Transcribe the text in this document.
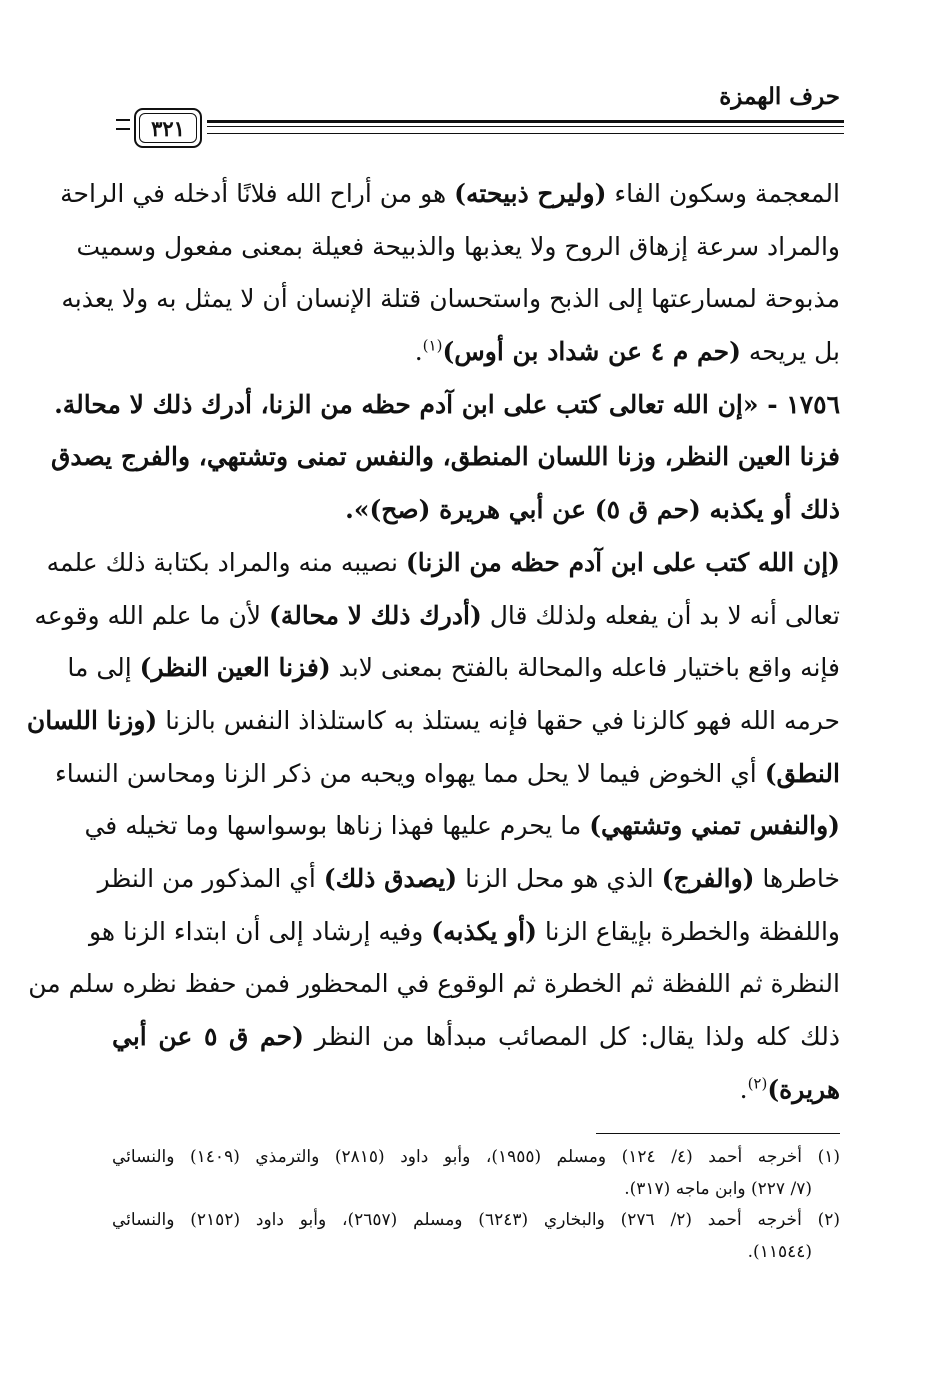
حرف الهمزة
٣٢١
المعجمة وسكون الفاء (وليرح ذبيحته) هو من أراح الله فلانًا أدخله في الراحة
والمراد سرعة إزهاق الروح ولا يعذبها والذبيحة فعيلة بمعنى مفعول وسميت
مذبوحة لمسارعتها إلى الذبح واستحسان قتلة الإنسان أن لا يمثل به ولا يعذبه
بل يريحه (حم م ٤ عن شداد بن أوس)$^{(١)}$.
١٧٥٦ - «إن الله تعالى كتب على ابن آدم حظه من الزنا، أدرك ذلك لا محالة.
فزنا العين النظر، وزنا اللسان المنطق، والنفس تمنى وتشتهي، والفرج يصدق
ذلك أو يكذبه (حم ق ٥) عن أبي هريرة (صح)».
(إن الله كتب على ابن آدم حظه من الزنا) نصيبه منه والمراد بكتابة ذلك علمه
تعالى أنه لا بد أن يفعله ولذلك قال (أدرك ذلك لا محالة) لأن ما علم الله وقوعه
فإنه واقع باختيار فاعله والمحالة بالفتح بمعنى لابد (فزنا العين النظر) إلى ما
حرمه الله فهو كالزنا في حقها فإنه يستلذ به كاستلذاذ النفس بالزنا (وزنا اللسان
النطق) أي الخوض فيما لا يحل مما يهواه ويحبه من ذكر الزنا ومحاسن النساء
(والنفس تمني وتشتهي) ما يحرم عليها فهذا زناها بوسواسها وما تخيله في
خاطرها (والفرج) الذي هو محل الزنا (يصدق ذلك) أي المذكور من النظر
واللفظة والخطرة بإيقاع الزنا (أو يكذبه) وفيه إرشاد إلى أن ابتداء الزنا هو
النظرة ثم اللفظة ثم الخطرة ثم الوقوع في المحظور فمن حفظ نظره سلم من
ذلك كله ولذا يقال: كل المصائب مبدأها من النظر (حم ق ٥ عن أبي
هريرة)$^{(٢)}$.
(١) أخرجه أحمد (٤/ ١٢٤) ومسلم (١٩٥٥)، وأبو داود (٢٨١٥) والترمذي (١٤٠٩) والنسائي
(٧/ ٢٢٧) وابن ماجه (٣١٧).
(٢) أخرجه أحمد (٢/ ٢٧٦) والبخاري (٦٢٤٣) ومسلم (٢٦٥٧)، وأبو داود (٢١٥٢) والنسائي
(١١٥٤٤).
